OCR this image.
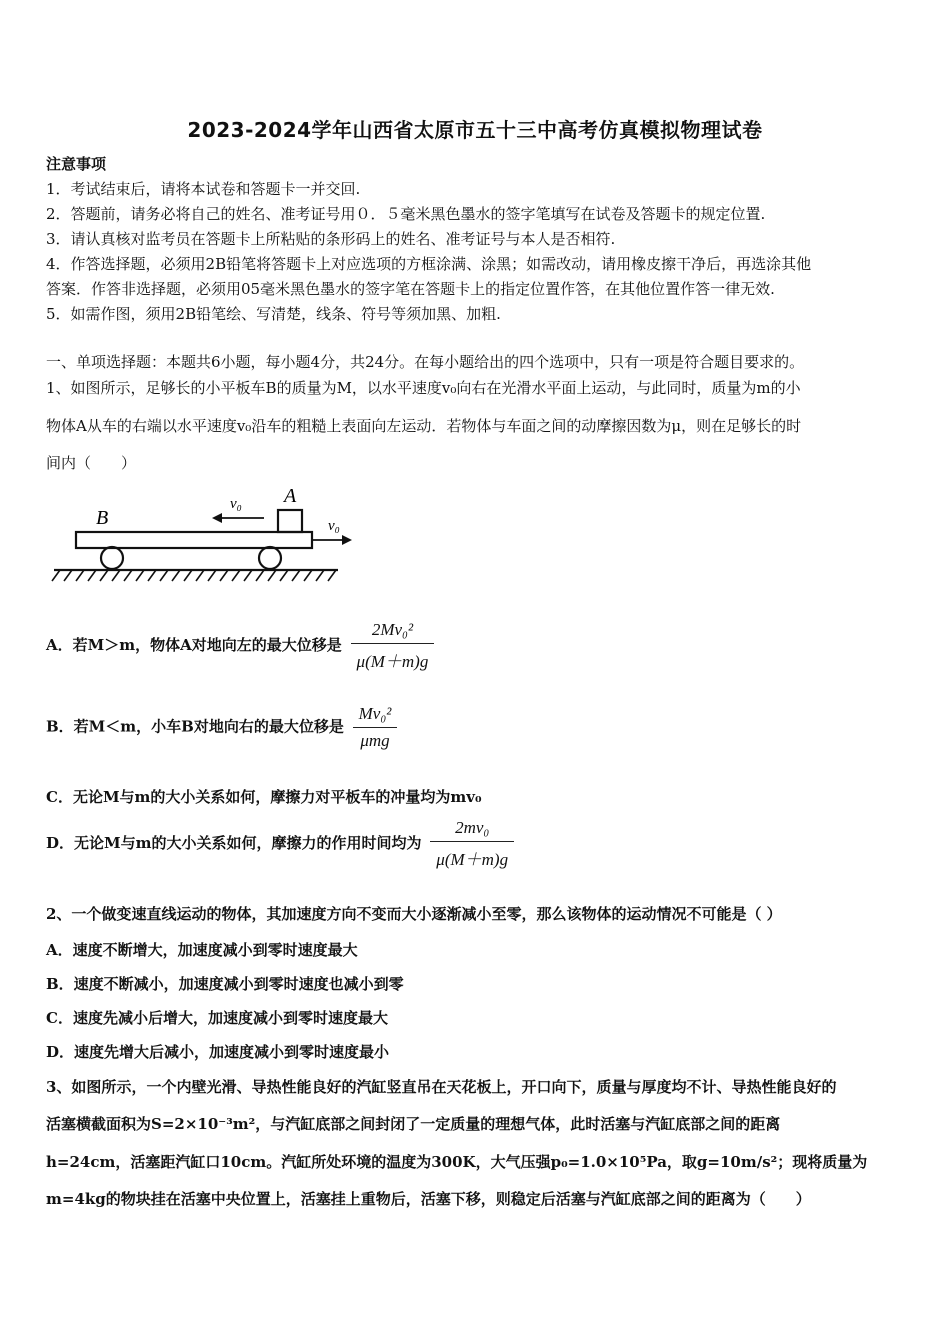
2023-2024学年山西省太原市五十三中高考仿真模拟物理试卷
注意事项
1．考试结束后，请将本试卷和答题卡一并交回.
2．答题前，请务必将自己的姓名、准考证号用０．５毫米黑色墨水的签字笔填写在试卷及答题卡的规定位置.
3．请认真核对监考员在答题卡上所粘贴的条形码上的姓名、准考证号与本人是否相符.
4．作答选择题，必须用2B铅笔将答题卡上对应选项的方框涂满、涂黑；如需改动，请用橡皮擦干净后，再选涂其他
答案．作答非选择题，必须用05毫米黑色墨水的签字笔在答题卡上的指定位置作答，在其他位置作答一律无效.
5．如需作图，须用2B铅笔绘、写清楚，线条、符号等须加黑、加粗.
一、单项选择题：本题共6小题，每小题4分，共24分。在每小题给出的四个选项中，只有一项是符合题目要求的。
1、如图所示，足够长的小平板车B的质量为M，以水平速度v₀向右在光滑水平面上运动，与此同时，质量为m的小
物体A从车的右端以水平速度v₀沿车的粗糙上表面向左运动．若物体与车面之间的动摩擦因数为μ，则在足够长的时
间内（　　）
B
A
v₀
v₀
A．若M＞m，物体A对地向左的最大位移是 $\frac{\text{2Mv₀²}}{\mu(M+m)g}$
B．若M＜m，小车B对地向右的最大位移是 $\frac{\text{Mv₀²}}{\text{μmg}}$
C．无论M与m的大小关系如何，摩擦力对平板车的冲量均为mv₀
D．无论M与m的大小关系如何，摩擦力的作用时间均为 $\frac{\text{2mv₀}}{\mu(M+m)g}$
2、一个做变速直线运动的物体，其加速度方向不变而大小逐渐减小至零，那么该物体的运动情况不可能是（ ）
A．速度不断增大，加速度减小到零时速度最大
B．速度不断减小，加速度减小到零时速度也减小到零
C．速度先减小后增大，加速度减小到零时速度最大
D．速度先增大后减小，加速度减小到零时速度最小
3、如图所示，一个内壁光滑、导热性能良好的汽缸竖直吊在天花板上，开口向下，质量与厚度均不计、导热性能良好的
活塞横截面积为S=2×10⁻³m²，与汽缸底部之间封闭了一定质量的理想气体，此时活塞与汽缸底部之间的距离
h=24cm，活塞距汽缸口10cm。汽缸所处环境的温度为300K，大气压强p₀=1.0×10⁵Pa，取g=10m/s²；现将质量为
m=4kg的物块挂在活塞中央位置上，活塞挂上重物后，活塞下移，则稳定后活塞与汽缸底部之间的距离为（　　）
